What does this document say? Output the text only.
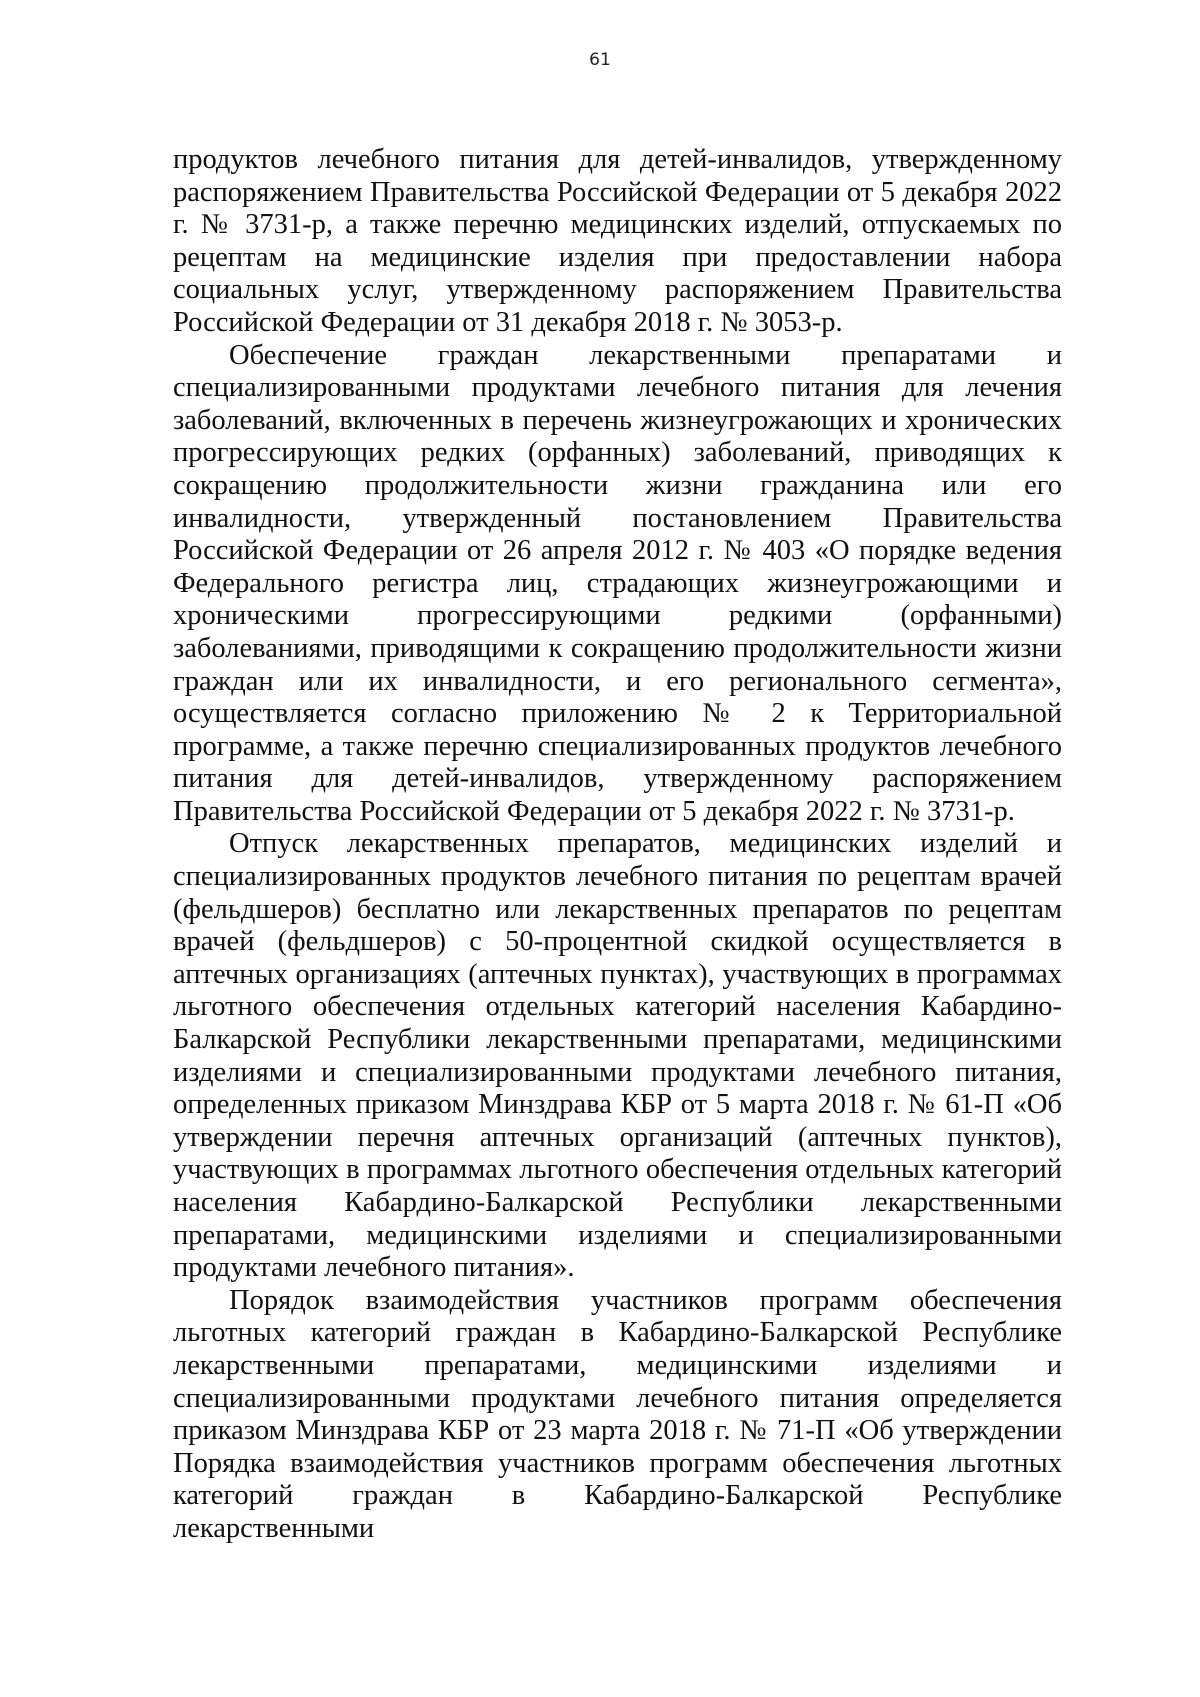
61

продуктов лечебного питания для детей-инвалидов, утвержденному распоряжением Правительства Российской Федерации от 5 декабря 2022 г. № 3731-р, а также перечню медицинских изделий, отпускаемых по рецептам на медицинские изделия при предоставлении набора социальных услуг, утвержденному распоряжением Правительства Российской Федерации от 31 декабря 2018 г. № 3053-р.

Обеспечение граждан лекарственными препаратами и специализированными продуктами лечебного питания для лечения заболеваний, включенных в перечень жизнеугрожающих и хронических прогрессирующих редких (орфанных) заболеваний, приводящих к сокращению продолжительности жизни гражданина или его инвалидности, утвержденный постановлением Правительства Российской Федерации от 26 апреля 2012 г. № 403 «О порядке ведения Федерального регистра лиц, страдающих жизнеугрожающими и хроническими прогрессирующими редкими (орфанными) заболеваниями, приводящими к сокращению продолжительности жизни граждан или их инвалидности, и его регионального сегмента», осуществляется согласно приложению № 2 к Территориальной программе, а также перечню специализированных продуктов лечебного питания для детей-инвалидов, утвержденному распоряжением Правительства Российской Федерации от 5 декабря 2022 г. № 3731-р.

Отпуск лекарственных препаратов, медицинских изделий и специализированных продуктов лечебного питания по рецептам врачей (фельдшеров) бесплатно или лекарственных препаратов по рецептам врачей (фельдшеров) с 50-процентной скидкой осуществляется в аптечных организациях (аптечных пунктах), участвующих в программах льготного обеспечения отдельных категорий населения Кабардино-Балкарской Республики лекарственными препаратами, медицинскими изделиями и специализированными продуктами лечебного питания, определенных приказом Минздрава КБР от 5 марта 2018 г. № 61-П «Об утверждении перечня аптечных организаций (аптечных пунктов), участвующих в программах льготного обеспечения отдельных категорий населения Кабардино-Балкарской Республики лекарственными препаратами, медицинскими изделиями и специализированными продуктами лечебного питания».

Порядок взаимодействия участников программ обеспечения льготных категорий граждан в Кабардино-Балкарской Республике лекарственными препаратами, медицинскими изделиями и специализированными продуктами лечебного питания определяется приказом Минздрава КБР от 23 марта 2018 г. № 71-П «Об утверждении Порядка взаимодействия участников программ обеспечения льготных категорий граждан в Кабардино-Балкарской Республике лекарственными
